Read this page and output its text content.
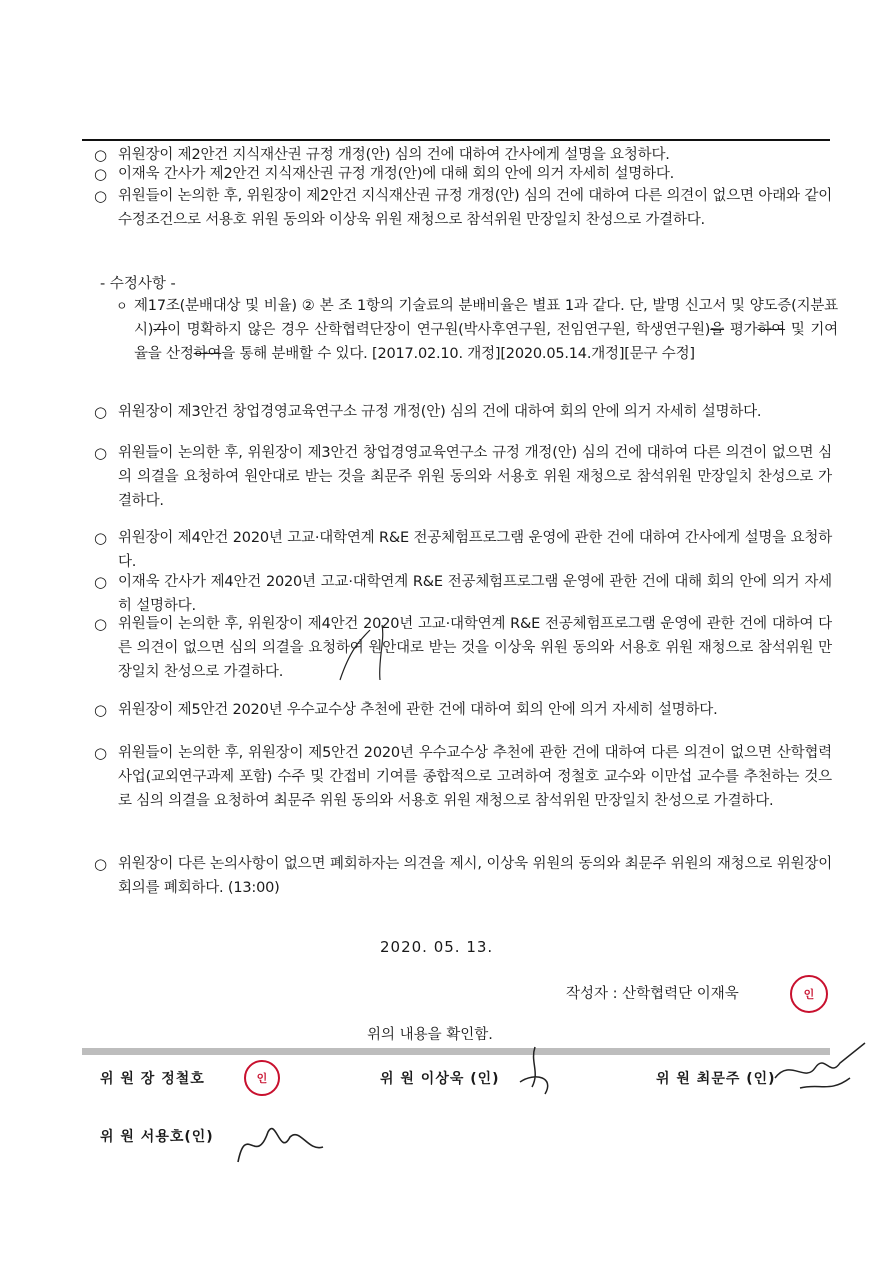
○ 위원장이 제2안건 지식재산권 규정 개정(안) 심의 건에 대하여 간사에게 설명을 요청하다.
○ 이재욱 간사가 제2안건 지식재산권 규정 개정(안)에 대해 회의 안에 의거 자세히 설명하다.
○ 위원들이 논의한 후, 위원장이 제2안건 지식재산권 규정 개정(안) 심의 건에 대하여 다른 의견이 없으면 아래와 같이 수정조건으로 서용호 위원 동의와 이상욱 위원 재청으로 참석위원 만장일치 찬성으로 가결하다.
- 수정사항 -
ㅇ 제17조(분배대상 및 비율) ② 본 조 1항의 기술료의 분배비율은 별표 1과 같다. 단, 발명 신고서 및 양도증(지분표시)가이 명확하지 않은 경우 산학협력단장이 연구원(박사후연구원, 전임연구원, 학생연구원)을 평가하여 및 기여율을 산정하여을 통해 분배할 수 있다. [2017.02.10. 개정][2020.05.14.개정][문구 수정]
○ 위원장이 제3안건 창업경영교육연구소 규정 개정(안) 심의 건에 대하여 회의 안에 의거 자세히 설명하다.
○ 위원들이 논의한 후, 위원장이 제3안건 창업경영교육연구소 규정 개정(안) 심의 건에 대하여 다른 의견이 없으면 심의 의결을 요청하여 원안대로 받는 것을 최문주 위원 동의와 서용호 위원 재청으로 참석위원 만장일치 찬성으로 가결하다.
○ 위원장이 제4안건 2020년 고교·대학연계 R&E 전공체험프로그램 운영에 관한 건에 대하여 간사에게 설명을 요청하다.
○ 이재욱 간사가 제4안건 2020년 고교·대학연계 R&E 전공체험프로그램 운영에 관한 건에 대해 회의 안에 의거 자세히 설명하다.
○ 위원들이 논의한 후, 위원장이 제4안건 2020년 고교·대학연계 R&E 전공체험프로그램 운영에 관한 건에 대하여 다른 의견이 없으면 심의 의결을 요청하여 원안대로 받는 것을 이상욱 위원 동의와 서용호 위원 재청으로 참석위원 만장일치 찬성으로 가결하다.
○ 위원장이 제5안건 2020년 우수교수상 추천에 관한 건에 대하여 회의 안에 의거 자세히 설명하다.
○ 위원들이 논의한 후, 위원장이 제5안건 2020년 우수교수상 추천에 관한 건에 대하여 다른 의견이 없으면 산학협력 사업(교외연구과제 포함) 수주 및 간접비 기여를 종합적으로 고려하여 정철호 교수와 이만섭 교수를 추천하는 것으로 심의 의결을 요청하여 최문주 위원 동의와 서용호 위원 재청으로 참석위원 만장일치 찬성으로 가결하다.
○ 위원장이 다른 논의사항이 없으면 폐회하자는 의견을 제시, 이상욱 위원의 동의와 최문주 위원의 재청으로 위원장이 회의를 폐회하다. (13:00)
2020. 05. 13.
작성자 : 산학협력단 이재욱	인
위의 내용을 확인함.
위 원 장 정철호	인	위 원 이상욱 (인)	위 원 최문주 (인)
위 원 서용호(인)
